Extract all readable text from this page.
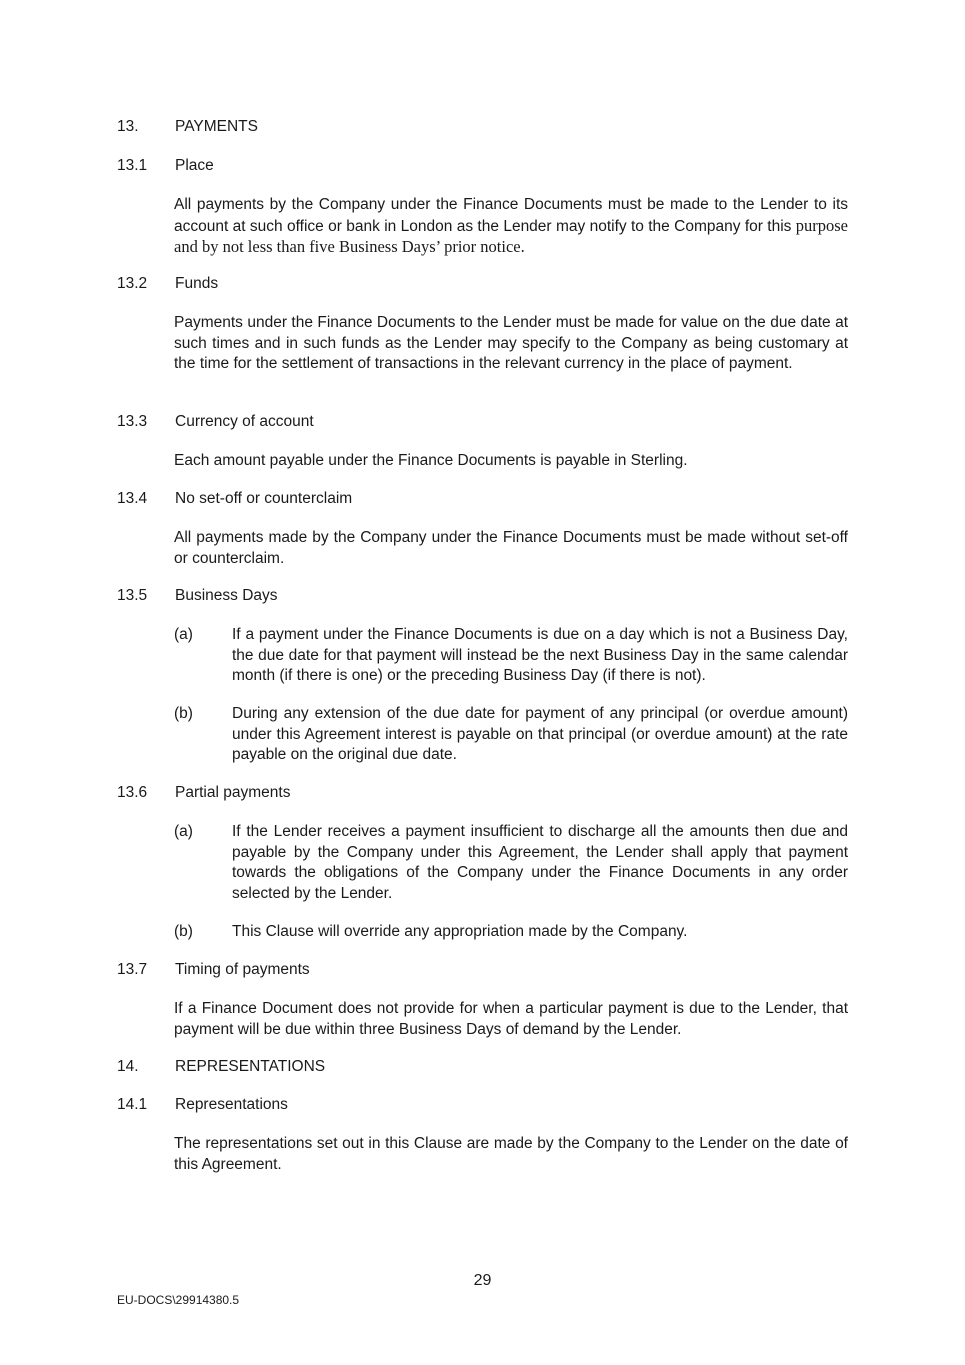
13. PAYMENTS
13.1 Place
All payments by the Company under the Finance Documents must be made to the Lender to its account at such office or bank in London as the Lender may notify to the Company for this purpose and by not less than five Business Days’ prior notice.
13.2 Funds
Payments under the Finance Documents to the Lender must be made for value on the due date at such times and in such funds as the Lender may specify to the Company as being customary at the time for the settlement of transactions in the relevant currency in the place of payment.
13.3 Currency of account
Each amount payable under the Finance Documents is payable in Sterling.
13.4 No set-off or counterclaim
All payments made by the Company under the Finance Documents must be made without set-off or counterclaim.
13.5 Business Days
(a)	If a payment under the Finance Documents is due on a day which is not a Business Day, the due date for that payment will instead be the next Business Day in the same calendar month (if there is one) or the preceding Business Day (if there is not).
(b)	During any extension of the due date for payment of any principal (or overdue amount) under this Agreement interest is payable on that principal (or overdue amount) at the rate payable on the original due date.
13.6 Partial payments
(a)	If the Lender receives a payment insufficient to discharge all the amounts then due and payable by the Company under this Agreement, the Lender shall apply that payment towards the obligations of the Company under the Finance Documents in any order selected by the Lender.
(b)	This Clause will override any appropriation made by the Company.
13.7 Timing of payments
If a Finance Document does not provide for when a particular payment is due to the Lender, that payment will be due within three Business Days of demand by the Lender.
14. REPRESENTATIONS
14.1 Representations
The representations set out in this Clause are made by the Company to the Lender on the date of this Agreement.
29
EU-DOCS\29914380.5
